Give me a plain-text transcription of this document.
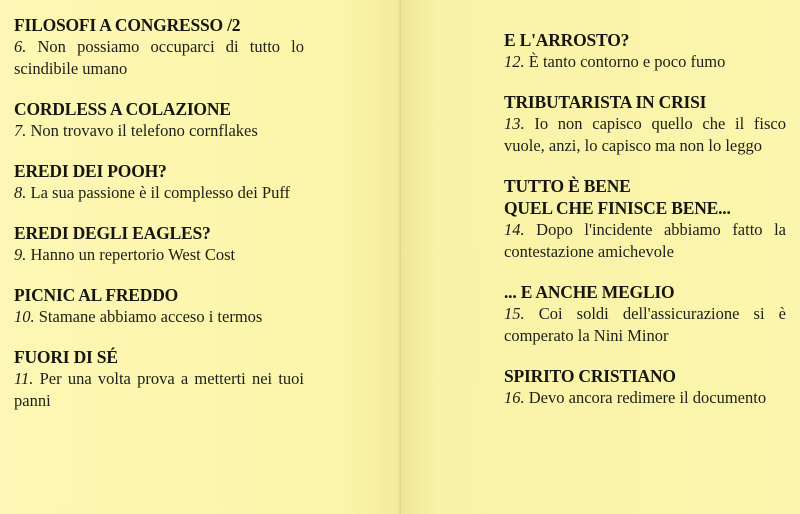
FILOSOFI A CONGRESSO /2

6. Non possiamo occuparci di tutto lo scindibile umano

CORDLESS A COLAZIONE

7. Non trovavo il telefono cornflakes

EREDI DEI POOH?

8. La sua passione è il complesso dei Puff

EREDI DEGLI EAGLES?

9. Hanno un repertorio West Cost

PICNIC AL FREDDO

10. Stamane abbiamo acceso i termos

FUORI DI SÉ

11. Per una volta prova a metterti nei tuoi panni

E L'ARROSTO?

12. È tanto contorno e poco fumo

TRIBUTARISTA IN CRISI

13. Io non capisco quello che il fisco vuole, anzi, lo capisco ma non lo leggo

TUTTO È BENE
QUEL CHE FINISCE BENE...

14. Dopo l'incidente abbiamo fatto la contestazione amichevole

... E ANCHE MEGLIO

15. Coi soldi dell'assicurazione si è comperato la Nini Minor

SPIRITO CRISTIANO

16. Devo ancora redimere il documento
